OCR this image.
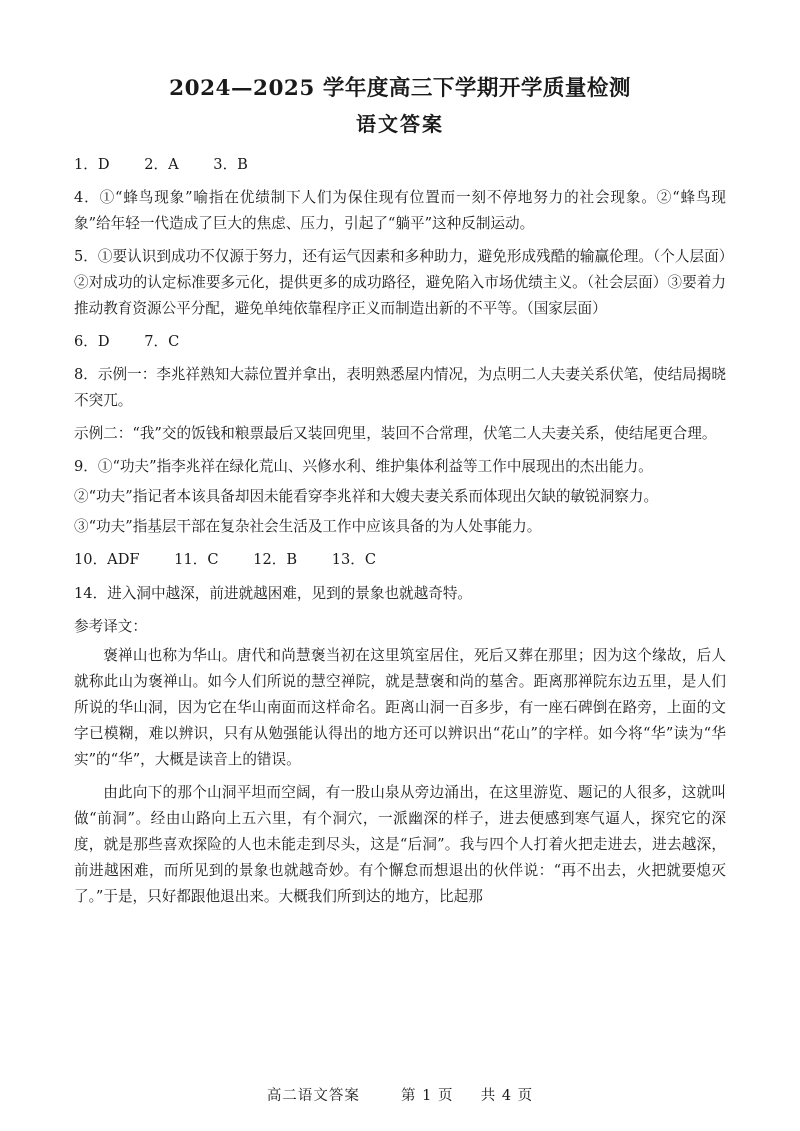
2024—2025 学年度高三下学期开学质量检测
语文答案
1．D 2．A 3．B

4．①“蜂鸟现象”喻指在优绩制下人们为保住现有位置而一刻不停地努力的社会现象。②“蜂鸟现象”给年轻一代造成了巨大的焦虑、压力，引起了“躺平”这种反制运动。

5．①要认识到成功不仅源于努力，还有运气因素和多种助力，避免形成残酷的输赢伦理。（个人层面）②对成功的认定标准要多元化，提供更多的成功路径，避免陷入市场优绩主义。（社会层面）③要着力推动教育资源公平分配，避免单纯依靠程序正义而制造出新的不平等。（国家层面）

6．D 7．C

8．示例一：李兆祥熟知大蒜位置并拿出，表明熟悉屋内情况，为点明二人夫妻关系伏笔，使结局揭晓不突兀。

示例二：“我”交的饭钱和粮票最后又装回兜里，装回不合常理，伏笔二人夫妻关系，使结尾更合理。

9．①“功夫”指李兆祥在绿化荒山、兴修水利、维护集体利益等工作中展现出的杰出能力。

②“功夫”指记者本该具备却因未能看穿李兆祥和大嫂夫妻关系而体现出欠缺的敏锐洞察力。

③“功夫”指基层干部在复杂社会生活及工作中应该具备的为人处事能力。

10．ADF 11．C 12．B 13．C

14．进入洞中越深，前进就越困难，见到的景象也就越奇特。

参考译文：

褒禅山也称为华山。唐代和尚慧褒当初在这里筑室居住，死后又葬在那里；因为这个缘故，后人就称此山为褒禅山。如今人们所说的慧空禅院，就是慧褒和尚的墓舍。距离那禅院东边五里，是人们所说的华山洞，因为它在华山南面而这样命名。距离山洞一百多步，有一座石碑倒在路旁，上面的文字已模糊，难以辨识，只有从勉强能认得出的地方还可以辨识出“花山”的字样。如今将“华”读为“华实”的“华”，大概是读音上的错误。

由此向下的那个山洞平坦而空阔，有一股山泉从旁边涌出，在这里游览、题记的人很多，这就叫做“前洞”。经由山路向上五六里，有个洞穴，一派幽深的样子，进去便感到寒气逼人，探究它的深度，就是那些喜欢探险的人也未能走到尽头，这是“后洞”。我与四个人打着火把走进去，进去越深，前进越困难，而所见到的景象也就越奇妙。有个懈怠而想退出的伙伴说：“再不出去，火把就要熄灭了。”于是，只好都跟他退出来。大概我们所到达的地方，比起那

高二语文答案	第 1 页 共 4 页
